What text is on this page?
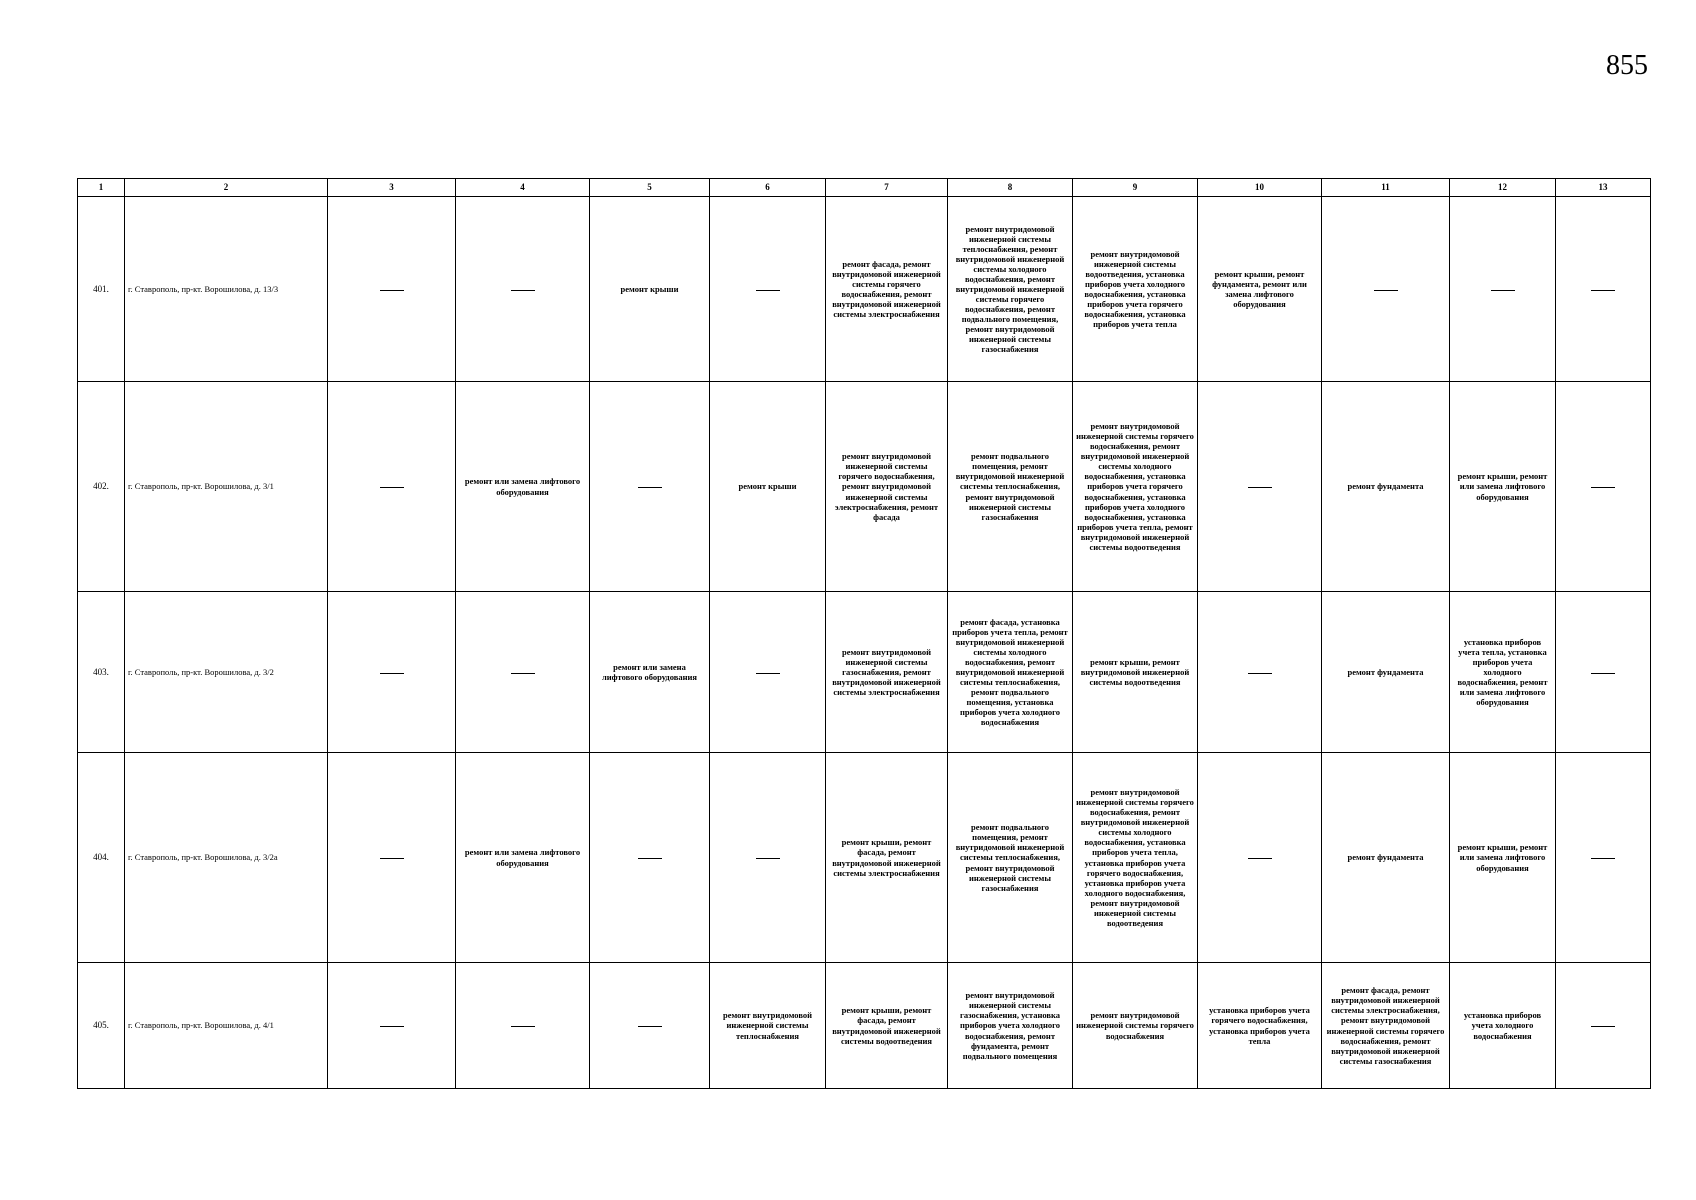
855
1	2	3	4	5	6	7	8	9	10	11	12	13
401.	г. Ставрополь, пр-кт. Ворошилова, д. 13/3			ремонт крыши		ремонт фасада, ремонт внутридомовой инженерной системы горячего водоснабжения, ремонт внутридомовой инженерной системы электроснабжения	ремонт внутридомовой инженерной системы теплоснабжения, ремонт внутридомовой инженерной системы холодного водоснабжения, ремонт внутридомовой инженерной системы горячего водоснабжения, ремонт подвального помещения, ремонт внутридомовой инженерной системы газоснабжения	ремонт внутридомовой инженерной системы водоотведения, установка приборов учета холодного водоснабжения, установка приборов учета горячего водоснабжения, установка приборов учета тепла	ремонт крыши, ремонт фундамента, ремонт или замена лифтового оборудования			
402.	г. Ставрополь, пр-кт. Ворошилова, д. 3/1		ремонт или замена лифтового оборудования		ремонт крыши	ремонт внутридомовой инженерной системы горячего водоснабжения, ремонт внутридомовой инженерной системы электроснабжения, ремонт фасада	ремонт подвального помещения, ремонт внутридомовой инженерной системы теплоснабжения, ремонт внутридомовой инженерной системы газоснабжения	ремонт внутридомовой инженерной системы горячего водоснабжения, ремонт внутридомовой инженерной системы холодного водоснабжения, установка приборов учета горячего водоснабжения, установка приборов учета холодного водоснабжения, установка приборов учета тепла, ремонт внутридомовой инженерной системы водоотведения		ремонт фундамента	ремонт крыши, ремонт или замена лифтового оборудования	
403.	г. Ставрополь, пр-кт. Ворошилова, д. 3/2			ремонт или замена лифтового оборудования		ремонт внутридомовой инженерной системы газоснабжения, ремонт внутридомовой инженерной системы электроснабжения	ремонт фасада, установка приборов учета тепла, ремонт внутридомовой инженерной системы холодного водоснабжения, ремонт внутридомовой инженерной системы теплоснабжения, ремонт подвального помещения, установка приборов учета холодного водоснабжения	ремонт крыши, ремонт внутридомовой инженерной системы водоотведения		ремонт фундамента	установка приборов учета тепла, установка приборов учета холодного водоснабжения, ремонт или замена лифтового оборудования	
404.	г. Ставрополь, пр-кт. Ворошилова, д. 3/2а		ремонт или замена лифтового оборудования			ремонт крыши, ремонт фасада, ремонт внутридомовой инженерной системы электроснабжения	ремонт подвального помещения, ремонт внутридомовой инженерной системы теплоснабжения, ремонт внутридомовой инженерной системы газоснабжения	ремонт внутридомовой инженерной системы горячего водоснабжения, ремонт внутридомовой инженерной системы холодного водоснабжения, установка приборов учета тепла, установка приборов учета горячего водоснабжения, установка приборов учета холодного водоснабжения, ремонт внутридомовой инженерной системы водоотведения		ремонт фундамента	ремонт крыши, ремонт или замена лифтового оборудования	
405.	г. Ставрополь, пр-кт. Ворошилова, д. 4/1				ремонт внутридомовой инженерной системы теплоснабжения	ремонт крыши, ремонт фасада, ремонт внутридомовой инженерной системы водоотведения	ремонт внутридомовой инженерной системы газоснабжения, установка приборов учета холодного водоснабжения, ремонт фундамента, ремонт подвального помещения	ремонт внутридомовой инженерной системы горячего водоснабжения	установка приборов учета горячего водоснабжения, установка приборов учета тепла	ремонт фасада, ремонт внутридомовой инженерной системы электроснабжения, ремонт внутридомовой инженерной системы горячего водоснабжения, ремонт внутридомовой инженерной системы газоснабжения	установка приборов учета холодного водоснабжения	
